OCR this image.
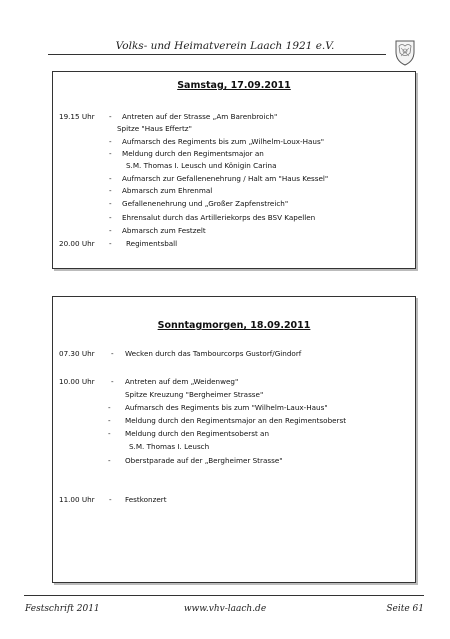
Volks- und Heimatverein Laach 1921 e.V.
Samstag, 17.09.2011
19.15 Uhr - Antreten auf der Strasse „Am Barenbroich"
Spitze "Haus Effertz"
- Aufmarsch des Regiments bis zum „Wilhelm-Loux-Haus"
- Meldung durch den Regimentsmajor an
S.M. Thomas I. Leusch und Königin Carina
- Aufmarsch zur Gefallenenehrung / Halt am "Haus Kessel"
- Abmarsch zum Ehrenmal
- Gefallenenehrung und „Großer Zapfenstreich"
- Ehrensalut durch das Artilleriekorps des BSV Kapellen
- Abmarsch zum Festzelt
20.00 Uhr - Regimentsball
Sonntagmorgen, 18.09.2011
07.30 Uhr - Wecken durch das Tambourcorps Gustorf/Gindorf
10.00 Uhr - Antreten auf dem „Weidenweg"
Spitze Kreuzung "Bergheimer Strasse"
- Aufmarsch des Regiments bis zum "Wilhelm-Laux-Haus"
- Meldung durch den Regimentsmajor an den Regimentsoberst
- Meldung durch den Regimentsoberst an
S.M. Thomas I. Leusch
- Oberstparade auf der „Bergheimer Strasse"
11.00 Uhr - Festkonzert
Festschrift 2011	www.vhv-laach.de	Seite 61
